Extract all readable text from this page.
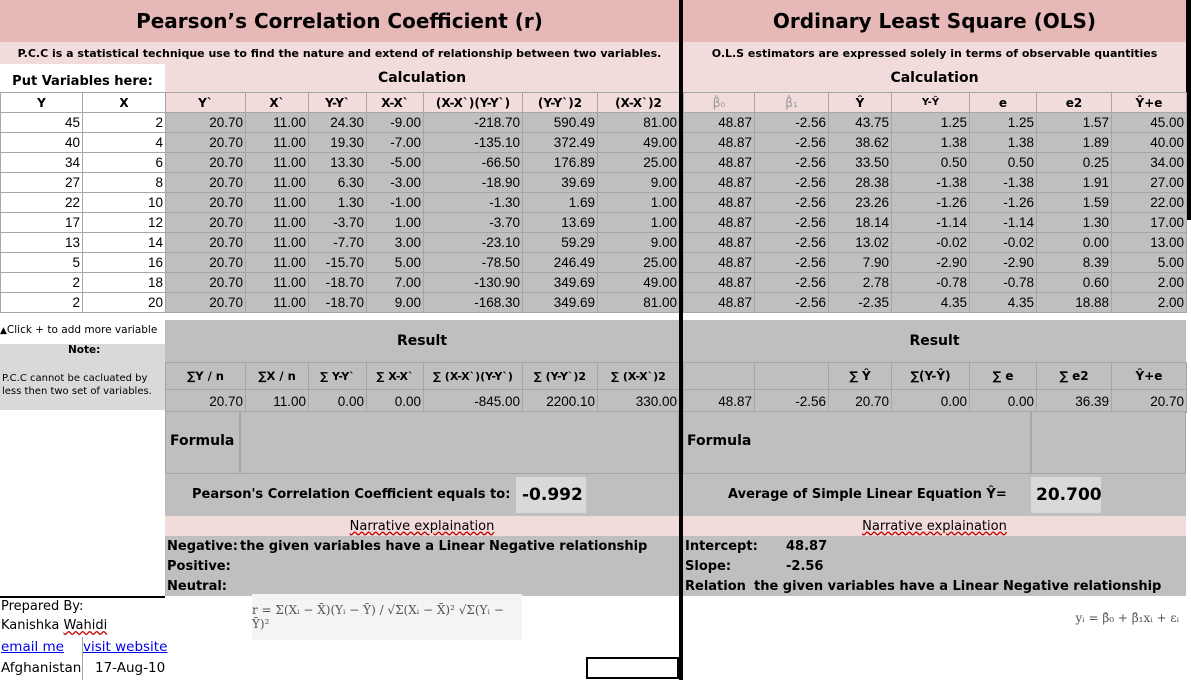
Pearson’s Correlation Coefficient (r)
P.C.C is a statistical technique use to find the nature and extend of relationship between two variables.
Put Variables here:	Calculation
Y	X	Y`	X`	Y-Y`	X-X`	(X-X`)(Y-Y`)	(Y-Y`)2	(X-X`)2
45	2	20.70	11.00	24.30	-9.00	-218.70	590.49	81.00
40	4	20.70	11.00	19.30	-7.00	-135.10	372.49	49.00
34	6	20.70	11.00	13.30	-5.00	-66.50	176.89	25.00
27	8	20.70	11.00	6.30	-3.00	-18.90	39.69	9.00
22	10	20.70	11.00	1.30	-1.00	-1.30	1.69	1.00
17	12	20.70	11.00	-3.70	1.00	-3.70	13.69	1.00
13	14	20.70	11.00	-7.70	3.00	-23.10	59.29	9.00
5	16	20.70	11.00	-15.70	5.00	-78.50	246.49	25.00
2	18	20.70	11.00	-18.70	7.00	-130.90	349.69	49.00
2	20	20.70	11.00	-18.70	9.00	-168.30	349.69	81.00
▲Click + to add more variable
Note:
P.C.C cannot be cacluated by less then two set of variables.
Result
∑Y / n	∑X / n	∑ Y-Y`	∑ X-X`	∑ (X-X`)(Y-Y`)	∑ (Y-Y`)2	∑ (X-X`)2
20.70	11.00	0.00	0.00	-845.00	2200.10	330.00
Formula
Pearson's Correlation Coefficient equals to: -0.992
Narrative explaination
Negative: the given variables have a Linear Negative relationship
Positive:
Neutral:
r = Σ(Xᵢ − X̄)(Yᵢ − Ȳ) / √Σ(Xᵢ − X̄)² √Σ(Yᵢ − Ȳ)²
Prepared By:
Kanishka Wahidi
email me visit website
Afghanistan 17-Aug-10
Ordinary Least Square (OLS)
O.L.S estimators are expressed solely in terms of observable quantities
Calculation
β̂₀	β̂₁	Ŷ	Y-Ŷ	e	e2	Ŷ+e
48.87	-2.56	43.75	1.25	1.25	1.57	45.00
48.87	-2.56	38.62	1.38	1.38	1.89	40.00
48.87	-2.56	33.50	0.50	0.50	0.25	34.00
48.87	-2.56	28.38	-1.38	-1.38	1.91	27.00
48.87	-2.56	23.26	-1.26	-1.26	1.59	22.00
48.87	-2.56	18.14	-1.14	-1.14	1.30	17.00
48.87	-2.56	13.02	-0.02	-0.02	0.00	13.00
48.87	-2.56	7.90	-2.90	-2.90	8.39	5.00
48.87	-2.56	2.78	-0.78	-0.78	0.60	2.00
48.87	-2.56	-2.35	4.35	4.35	18.88	2.00
Result
		∑ Ŷ	∑(Y-Ŷ)	∑ e	∑ e2	Ŷ+e
48.87	-2.56	20.70	0.00	0.00	36.39	20.70
Formula
Average of Simple Linear Equation Ŷ= 20.700
Narrative explaination
Intercept: 48.87
Slope:	-2.56
Relation the given variables have a Linear Negative relationship
yᵢ = β̂₀ + β̂₁xᵢ + εᵢ
